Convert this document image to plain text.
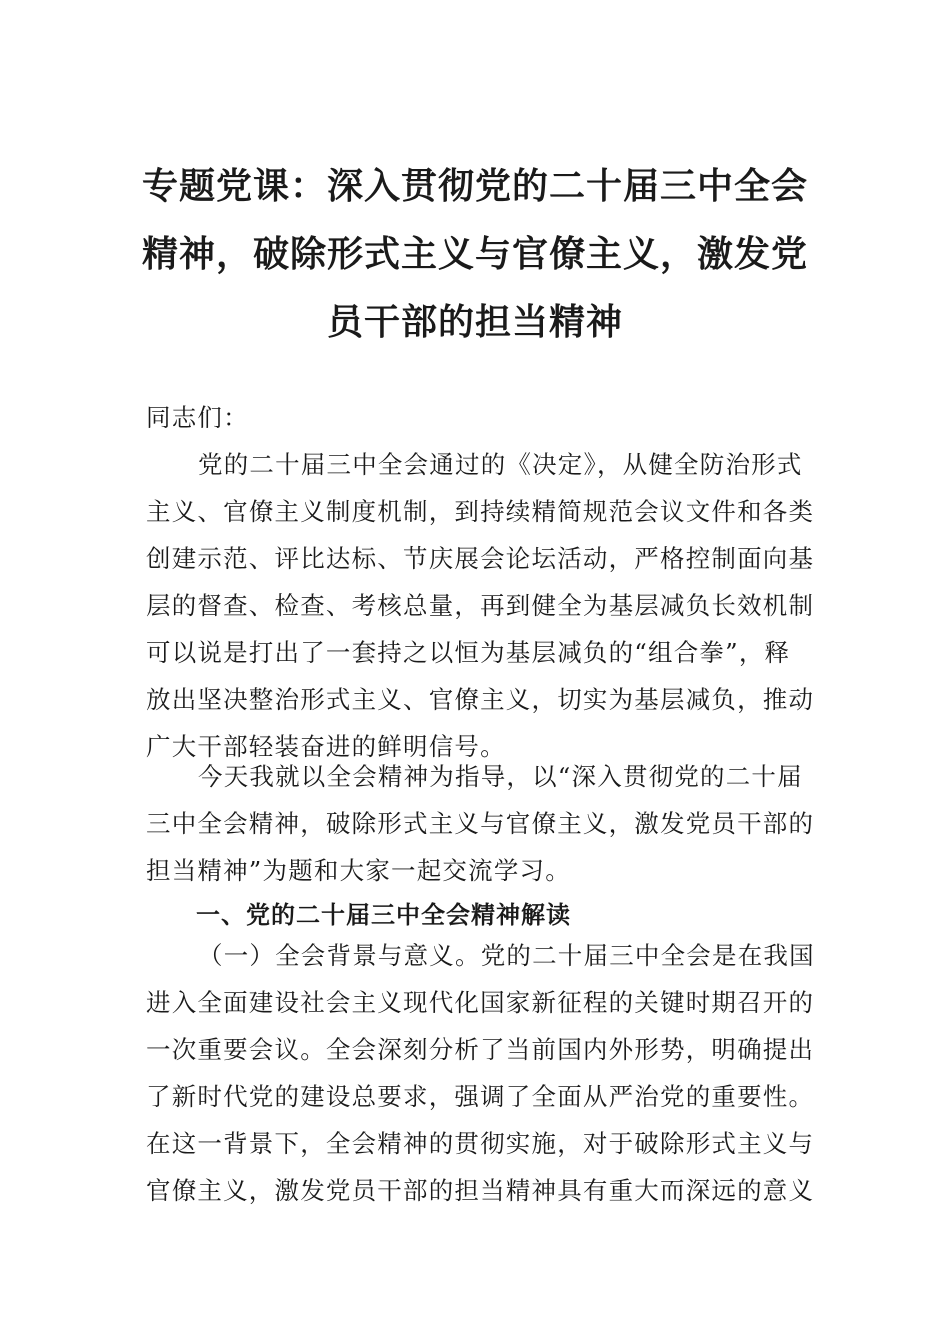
专题党课：深入贯彻党的二十届三中全会
精神，破除形式主义与官僚主义，激发党
员干部的担当精神
同志们：
党的二十届三中全会通过的《决定》，从健全防治形式
主义、官僚主义制度机制，到持续精简规范会议文件和各类
创建示范、评比达标、节庆展会论坛活动，严格控制面向基
层的督查、检查、考核总量，再到健全为基层减负长效机制
可以说是打出了一套持之以恒为基层减负的“组合拳”，释
放出坚决整治形式主义、官僚主义，切实为基层减负，推动
广大干部轻装奋进的鲜明信号。
今天我就以全会精神为指导，以“深入贯彻党的二十届
三中全会精神，破除形式主义与官僚主义，激发党员干部的
担当精神”为题和大家一起交流学习。
一、党的二十届三中全会精神解读
（一）全会背景与意义。党的二十届三中全会是在我国
进入全面建设社会主义现代化国家新征程的关键时期召开的
一次重要会议。全会深刻分析了当前国内外形势，明确提出
了新时代党的建设总要求，强调了全面从严治党的重要性。
在这一背景下，全会精神的贯彻实施，对于破除形式主义与
官僚主义，激发党员干部的担当精神具有重大而深远的意义
